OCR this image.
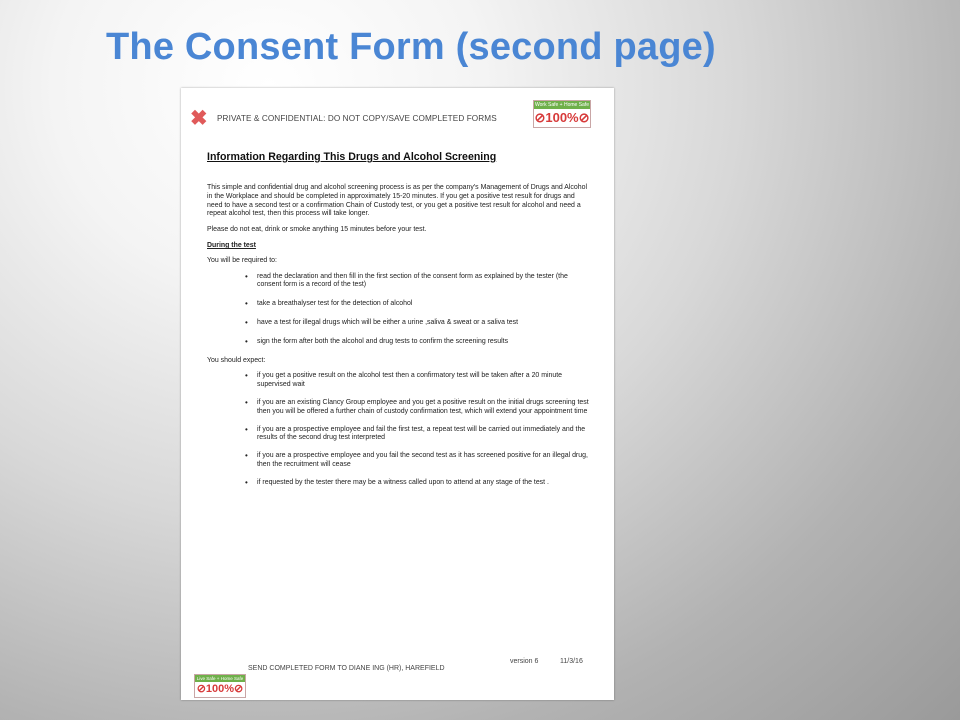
The Consent Form (second page)
✖ PRIVATE & CONFIDENTIAL: DO NOT COPY/SAVE COMPLETED FORMS
Work Safe + Home Safe
⊘100%⊘
Information Regarding This Drugs and Alcohol Screening

This simple and confidential drug and alcohol screening process is as per the company's Management of Drugs and Alcohol in the Workplace and should be completed in approximately 15-20 minutes. If you get a positive test result for drugs and need to have a second test or a confirmation Chain of Custody test, or you get a positive test result for alcohol and need a repeat alcohol test, then this process will take longer.

Please do not eat, drink or smoke anything 15 minutes before your test.

During the test

You will be required to:

• read the declaration and then fill in the first section of the consent form as explained by the tester (the consent form is a record of the test)
• take a breathalyser test for the detection of alcohol
• have a test for illegal drugs which will be either a urine ,saliva & sweat or a saliva test
• sign the form after both the alcohol and drug tests to confirm the screening results

You should expect:

• if you get a positive result on the alcohol test then a confirmatory test will be taken after a 20 minute supervised wait
• if you are an existing Clancy Group employee and you get a positive result on the initial drugs screening test then you will be offered a further chain of custody confirmation test, which will extend your appointment time
• if you are a prospective employee and fail the first test, a repeat test will be carried out immediately and the results of the second drug test interpreted
• if you are a prospective employee and you fail the second test as it has screened positive for an illegal drug, then the recruitment will cease
• if requested by the tester there may be a witness called upon to attend at any stage of the test .
version 6	11/3/16
SEND COMPLETED FORM TO DIANE ING (HR), HAREFIELD
Live Safe + Home Safe
⊘100%⊘
